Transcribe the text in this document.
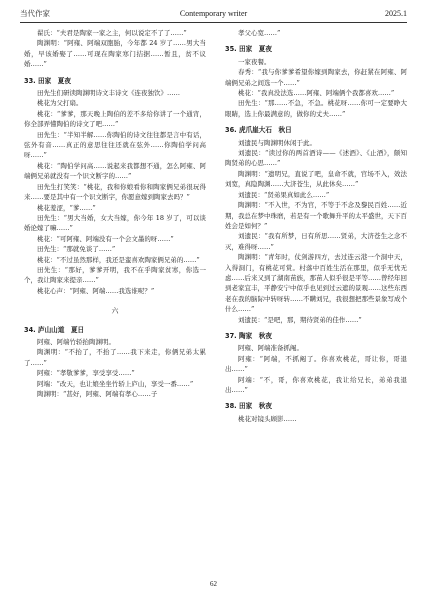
当代作家	Contemporary writer	2025.1

翟氏：“夫君是陶家一家之主，何以说定不了了……”

陶渊明：“阿雍、阿端双胞胎，今年都 24 岁了……男大当婚，早该婚娶了……可现在陶家寒门拮据……暂且，贫不议婚……”

33. 田家　夏夜

田先生们研读陶渊明诗文丰诗文《连夜独饮》……

桃花为父打扇。

桃花：“爹爹，那天晚上陶伯的差不多给你讲了一个通宵，你全部弄懂陶伯的诗文了吧……”

田先生：“半知半解……你陶伯的诗文往往都是言中有话，弦外有音……真正的意思往往还就在弦外……你陶伯学问高呀……”

桃花：“陶伯学问高……说起来我都想不通，怎么阿雍、阿端俩兄弟就没有一个识文断字的……”

田先生打笑笑：“桃花，我和你娘看你和陶家俩兄弟很玩得来……要是其中有一个识文断字，你愿意嫁到陶家去吗？”

桃花羞涩，“爹……”

田先生：“男大当婚，女大当嫁，你今年 18 岁了，可以谈婚论嫁了嘛……”

桃花：“可阿雍、阿端没有一个会文墨的呀……”

田先生：“那就免谈了……”

桃花：“不过虽然那样，我还是蛮喜欢陶家俩兄弟的……”

田先生：“那好，爹爹开明，我不在乎陶家贫寒，你选一个，我让陶家来提亲……”

桃花心声：“阿雍、阿端……我选谁呢？”

六

34. 庐山山道　夏日

阿雍、阿端竹轿抬陶渊明。

陶渊明：“不抬了，不抬了……我下来走，你俩兄弟太累了……”

阿雍：“孝敬爹爹，享受享受……”

阿端：“改天，也让娘坐坐竹轿上庐山，享受一番……”

陶渊明：“甚好，阿雍、阿端有孝心……子

孝父心宽……”

35. 田家　夏夜

一家夜餐。

春秀：“我与你爹爹希望你嫁到陶家去，你赶紧在阿雍、阿端俩兄弟之间选一个……”

桃花：“我真没法选……阿雍、阿端俩个我都喜欢……”

田先生：“那……不急，不急。桃花呀……你可一定要睁大眼睛，选上你最满意的，做你的丈夫……”

36. 虎爪崖大石　秋日

刘遗民与陶渊明休闲于此。

刘遗民：“读过你的两首酒诗——《述酒》、《止酒》，颇知陶贤弟的心思……”

陶渊明：“遗明兄，直说了吧，皇命不就，官场不入，效法刘宽，真隐陶渊……大济苍生，从此休矣……”

刘遗民：“贤弟果真如此么……”

陶渊明：“不入世，不为官，不等于不念及黎民百姓……近期，我总在梦中珠磨，若是有一个歌舞升平的太平盛世，天下百姓会是如何？”

刘遗民：“我有所梦，日有所思……贤弟，大济苍生之念不灭，难得呀……”

陶渊明：“青年时，仗剑游四方，去过连云港一个洞中天，入得洞门，有桃花可赏。村落中百姓生活在那里，似乎无忧无虑……后来又到了湖南苗族，那苗人似乎很是平等……曾经年回到老家宜丰，平静安宁中似乎也见到过云遮的景观……这些东西老在我的脑际中转呀转……不瞒刘兄，我很想把那些景象写成个什么……”

刘遗民：“是吧，那，期待贤弟的佳作……”

37. 陶家　秋夜

阿雍、阿端准备抓阄。

阿雍：“阿端，不抓阄了。你喜欢桃花，哥让你，哥退出……”

阿端：“不，哥，你喜欢桃花，我让给兄长，弟弟我退出……”

38. 田家　秋夜

桃花对镜头顾影……

62
